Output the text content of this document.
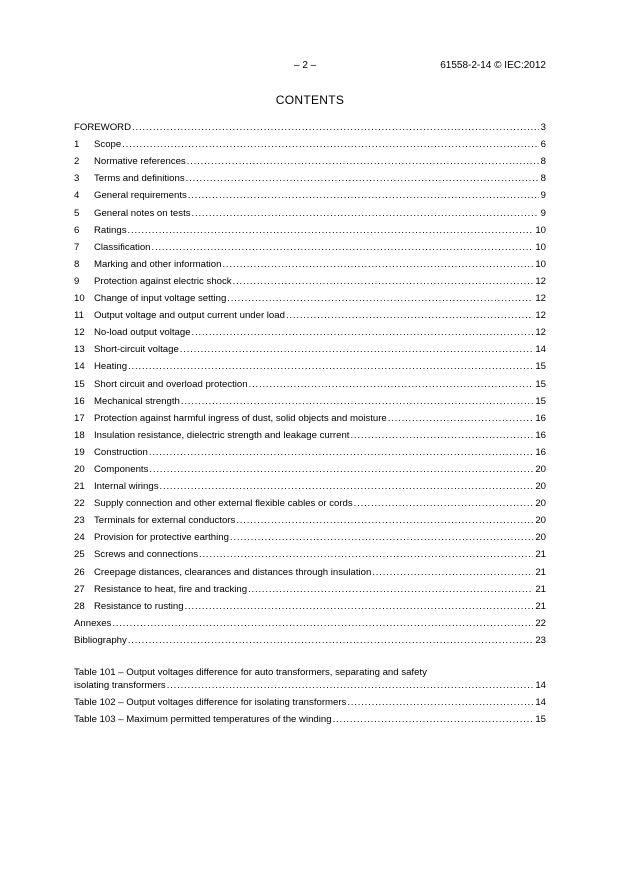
– 2 –	61558-2-14 © IEC:2012
CONTENTS
FOREWORD .....	3
1	Scope .....	6
2	Normative references .....	8
3	Terms and definitions .....	8
4	General requirements .....	9
5	General notes on tests .....	9
6	Ratings .....	10
7	Classification .....	10
8	Marking and other information .....	10
9	Protection against electric shock .....	12
10 Change of input voltage setting .....	12
11	Output voltage and output current under load .....	12
12 No-load output voltage .....	12
13 Short-circuit voltage .....	14
14 Heating .....	15
15 Short circuit and overload protection .....	15
16 Mechanical strength .....	15
17 Protection against harmful ingress of dust, solid objects and moisture .....	16
18 Insulation resistance, dielectric strength and leakage current .....	16
19 Construction .....	16
20 Components .....	20
21 Internal wirings .....	20
22 Supply connection and other external flexible cables or cords .....	20
23 Terminals for external conductors .....	20
24 Provision for protective earthing .....	20
25 Screws and connections .....	21
26 Creepage distances, clearances and distances through insulation .....	21
27 Resistance to heat, fire and tracking .....	21
28 Resistance to rusting .....	21
Annexes .....	22
Bibliography .....	23
Table 101 – Output voltages difference for auto transformers, separating and safety
isolating transformers .....	14
Table 102 – Output voltages difference for isolating transformers .....	14
Table 103 – Maximum permitted temperatures of the winding .....	15
